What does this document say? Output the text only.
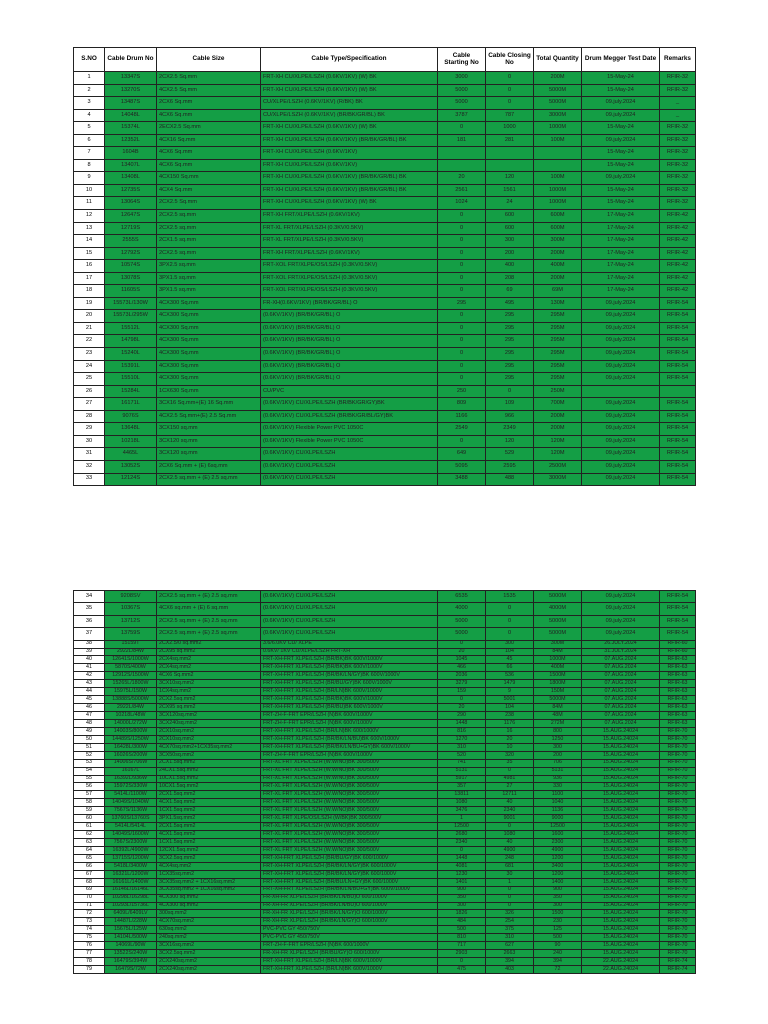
S.NO	Cable Drum No	Cable Size	Cable Type/Specification	Cable Starting No	Cable Closing No	Total Quantity	Drum Megger Test Date	Remarks
1	13347S	2CX2.5 Sq.mm	FRT-XH CU/XLPE/LSZH (0.6KV/1KV) (W) BK	3000	0	200M	15-May-24	RFIR-32
2	13270S	4CX2.5 Sq.mm	FRT-XH CU/XLPE/LSZH (0.6KV/1KV) (W) BK	5000	0	5000M	15-May-24	RFIR-32
3	13487S	2CX6 Sq.mm	CU/XLPE/LSZH (0.6KV/1KV) (R/BK) BK	5000	0	5000M	09.july.2024	_
4	14048L	4CX6 Sq.mm	CU/XLPE/LSZH (0.6KV/1KV) (BR/BK/GR/BL) BK	3787	787	3000M	09.july.2024	_
5	15374L	2ECX2.5 Sq.mm	FRT-XH CU/XLPE/LSZH (0.6KV/1KV) (W) BK	0	1000	1000M	15-May-24	RFIR-32
6	12352L	4CX16 Sq.mm	FRT-XH CU/XLPE/LSZH (0.6KV/1KV) (BR/BK/GR/BL) BK	181	281	100M	09.july.2024	RFIR-32
7	1604B	4CX6 Sq.mm	FRT-XH CU/XLPE/LSZH (0.6KV/1KV)				15-May-24	RFIR-32
8	13407L	4CX6 Sq.mm	FRT-XH CU/XLPE/LSZH (0.6KV/1KV)				15-May-24	RFIR-32
9	13408L	4CX150 Sq.mm	FRT-XH CU/XLPE/LSZH (0.6KV/1KV) (BR/BK/GR/BL) BK	20	120	100M	09.july.2024	RFIR-32
10	12735S	4CX4 Sq.mm	FRT-XH CU/XLPE/LSZH (0.6KV/1KV) (BR/BK/GR/BL) BK	2561	1561	1000M	15-May-24	RFIR-32
11	13064S	2CX2.5 Sq.mm	FRT-XH CU/XLPE/LSZH (0.6KV/1KV) (W) BK	1024	24	1000M	15-May-24	RFIR-32
12	12647S	2CX2.5 sq.mm	FRT-XH FRT/XLPE/LSZH (0.6KV/1KV)	0	600	600M	17-May-24	RFIR-42
13	12719S	2CX2.5 sq.mm	FRT-XL FRT/XLPE/LSZH (0.3KV/0.5KV)	0	600	600M	17-May-24	RFIR-42
14	2555S	2CX1.5 sq.mm	FRT-XL FRT/XLPE/LSZH (0.3KV/0.5KV)	0	300	300M	17-May-24	RFIR-42
15	12792S	2CX2.5 sq.mm	FRT-XH FRT/XLPE/LSZH (0.6KV/1KV)	0	200	200M	17-May-24	RFIR-42
16	10574S	3PX2.5 sq.mm	FRT-XOL FRT/XLPE/OS/LSZH (0.3KV/0.5KV)	0	400	400M	17-May-24	RFIR-42
17	13078S	3PX1.5 sq.mm	FRT-XOL FRT/XLPE/OS/LSZH (0.3KV/0.5KV)	0	208	200M	17-May-24	RFIR-42
18	11605S	3PX1.5 sq.mm	FRT-XOL FRT/XLPE/OS/LSZH (0.3KV/0.5KV)	0	69	69M	17-May-24	RFIR-42
19	15573L/130W	4CX300 Sq.mm	FR-XH(0.6KV/1KV) (BR/BK/GR/BL) O	295	495	130M	09.july.2024	RFIR-54
20	15573L/295W	4CX300 Sq.mm	(0.6KV/1KV) (BR/BK/GR/BL) O	0	295	295M	09.july.2024	RFIR-54
21	15512L	4CX300 Sq.mm	(0.6KV/1KV) (BR/BK/GR/BL) O	0	295	295M	09.july.2024	RFIR-54
22	14798L	4CX300 Sq.mm	(0.6KV/1KV) (BR/BK/GR/BL) O	0	295	295M	09.july.2024	RFIR-54
23	15240L	4CX300 Sq.mm	(0.6KV/1KV) (BR/BK/GR/BL) O	0	295	295M	09.july.2024	RFIR-54
24	15391L	4CX300 Sq.mm	(0.6KV/1KV) (BR/BK/GR/BL) O	0	295	295M	09.july.2024	RFIR-54
25	15510L	4CX300 Sq.mm	(0.6KV/1KV) (BR/BK/GR/BL) O	0	295	295M	09.july.2024	RFIR-54
26	15284L	1CX630 Sq.mm	CU/PVC	250	0	250M		
27	16171L	3CX16 Sq.mm+(E) 16 Sq.mm	(0.6KV/1KV) CU/XLPE/LSZH (BR/BK/GR/GY)BK	809	109	700M	09.july.2024	RFIR-54
28	9076S	4CX2.5 Sq.mm+(E) 2.5 Sq.mm	(0.6KV/1KV) CU/XLPE/LSZH (BR/BK/GR/BL/GY)BK	1166	966	200M	09.july.2024	RFIR-54
29	13648L	3CX150 sq.mm	(0.6KV/1KV) Flexible Power PVC 1050C	2549	2349	200M	09.july.2024	RFIR-54
30	10218L	3CX120 sq.mm	(0.6KV/1KV) Flexible Power PVC 1050C	0	120	120M	09.july.2024	RFIR-54
31	4465L	3CX120 sq.mm	(0.6KV/1KV) CU/XLPE/LSZH	649	529	120M	09.july.2024	RFIR-54
32	13052S	2CX6 Sq.mm + (E) 6sq.mm	(0.6KV/1KV) CU/XLPE/LSZH	5095	2595	2500M	09.july.2024	RFIR-54
33	12124S	2CX2.5 sq.mm + (E) 2.5 sq.mm	(0.6KV/1KV) CU/XLPE/LSZH	3488	488	3000M	09.july.2024	RFIR-54
34	9208SV	2CX2.5 sq.mm + (E) 2.5 sq.mm	(0.6KV/1KV) CU/XLPE/LSZH	6535	1535	5000M	09.july.2024	RFIR-54
35	10367S	4CX6 sq.mm + (E) 6 sq.mm	(0.6KV/1KV) CU/XLPE/LSZH	4000	0	4000M	09.july.2024	RFIR-54
36	13712S	2CX2.5 sq.mm + (E) 2.5 sq.mm	(0.6KV/1KV) CU/XLPE/LSZH	5000	0	5000M	09.july.2024	RFIR-54
37	13759S	2CX2.5 sq.mm + (E) 2.5 sq.mm	(0.6KV/1KV) CU/XLPE/LSZH	5000	0	5000M	09.july.2024	RFIR-54
38	15159T	2CX2.5/0 sq.mm2	3.6/6.0KV CU/ XLPE	0	300	300M	26.JULY.2024	RFIR-60
39	2922L/84W	2CX95 sq.mm2	0.6KV/ 1KV CU/XLPE/LSZH FRT-XH	20	104	84M	31.JULY.2024	RFIR-60
40	12641S/1000W	2CX4sq.mm2	FRT-XH-FRT XLPE/LSZH (BR/BK)BK 600V/1000V	1045	45	1000M	07.AUG.2024	RFIR-63
41	5870S/400W	2CX4sq.mm2	FRT-XH-FRT XLPE/LSZH (BR/BK)BK 600V/1000V	466	66	400M	07.AUG.2024	RFIR-63
42	12912S/1500W	4CX6 Sq.mm2	FRT-XH-FRT XLPE/LSZH (BR/BK/LN/GY)BK 600V/1000V	2036	536	1500M	07.AUG.2024	RFIR-63
43	15265L/1800W	3CX10sq.mm2	FRT-XH-FRT XLPE/LSZH (BR/BU/GY)BK 600V/1000V	3279	1479	1800M	07.AUG.2024	RFIR-63
44	15975L/150W	1CX4sq.mm2	FRT-XH-FRT XLPE/LSZH (BR/LN)BK 600V/1000V	159	9	150M	07.AUG.2024	RFIR-63
45	13888S/5000W	2CX2.5sq.mm2	FRT-XH-FRT XLPE/LSZH (BR/BK)BK 600V/1000V	0	5001	5000M	07.AUG.2024	RFIR-63
46	2922L/84W	2CX95 sq.mm2	FRT-XH-FRT XLPE/LSZH (BR/BU)BK 600V/1000V	20	104	84M	07.AUG.2024	RFIR-63
47	10218L/48W	3CX120sq.mm2	FRT-ZH-F-FRT EPR/LSZH (N)BK 600V/1000V	290	238	48M	07.AUG.2024	RFIR-63
48	14000L/272W	3CX240sq.mm2	FRT-ZH-F-FRT EPR/LSZH (N)BK 600V/1000V	1448	1176	272M	07.AUG.2024	RFIR-63
49	14003S/800W	2CX10sq.mm2	FRT-XH-FRT XLPE/LSZH (BR/LN)BK 600/1000V	816	16	800	15.AUG.24024	RFIR-70
50	14489S/1250W	2CX10sq.mm2	FRT-XH-FRT XLPE/LSZH (BR/BK/LN/BU)BK 600V/1000V	1270	20	1250	15.AUG.24024	RFIR-70
51	16428L/300W	4CX70sq.mm2+1CX35sq.mm2	FRT-XH-FRT XLPE/LSZH (BR/BK/LN/BU+GY)BK 600V/1000V	310	10	300	15.AUG.24024	RFIR-70
52	16026S/200W	3CX50sq.mm2	FRT-ZH-F-FRT EPR/LSZH (N)BK 600V/1000V	520	320	200	15.AUG.24024	RFIR-70
53	14006S/706W	2CX1.5sq.mm2	FRT-XL FRT XLPE/LSZH (W.W/NO)BK 300/500V	741	35	706	15.AUG.24024	RFIR-70
54	16167L	24CX1.5sq.mm2	FRT-XL FRT XLPE/LSZH (W.W/NO)BK 300/500V	5131	0	5131	15.AUG.24024	RFIR-70
55	16392L/936W	10CX1.5sq.mm2	FRT-XL FRT XLPE/LSZH (W.W/NO)BK 300/500V	5917	4981	936	15.AUG.24024	RFIR-70
56	15972S/330W	10CX1.5sq.mm2	FRT-XL FRT XLPE/LSZH (W.W/NO)BK 300/500V	357	27	330	15.AUG.24024	RFIR-70
57	5414L/1100W	2CX1.5sq.mm2	FRT-XL FRT XLPE/LSZH (W.W/NO)BK 300/500V	13811	12711	1100	15.AUG.24024	RFIR-70
58	14049S/1040W	4CX1.5sq.mm2	FRT-XL FRT XLPE/LSZH (W.W/NO)BK 300/500V	1080	40	1040	15.AUG.24024	RFIR-70
59	7567S/1136W	1CX1.5sq.mm2	FRT-XL FRT XLPE/LSZH (W.W/NO)BK 300/500V	3476	2340	1136	15.AUG.24024	RFIR-70
60	13760S/13760S	3PX1.5sq.mm2	FRT-XL FRT XLPE/OS/LSZH (W/BK)BK 300/500V	1	9001	9000	15.AUG.24024	RFIR-70
61	5414L/5414L	2CX1.5sq.mm2	FRT-XL FRT XLPE/LSZH (W.W/NO)BK 300/500V	12500	0	12500	15.AUG.24024	RFIR-70
62	14049S/1600W	4CX1.5sq.mm2	FRT-XL FRT XLPE/LSZH (W.W/NO)BK 300/500V	2680	1080	1600	15.AUG.24024	RFIR-70
63	7567S/2300W	1CX1.5sq.mm2	FRT-XL FRT XLPE/LSZH (W.W/NO)BK 300/500V	2340	40	2300	15.AUG.24024	RFIR-70
64	16392L/4900W	12CX1.5sq.mm2	FRT-XL FRT XLPE/LSZH (W.W/NO)BK 300/500V	0	4900	4900	15.AUG.24024	RFIR-70
65	13715S/1200W	3CX2.5sq.mm2	FRT-XH-FRT XLPE/LSZH (BR/BU/GY)BK 600/1000V	1448	248	1200	15.AUG.24024	RFIR-70
66	5418L/3400W	4CX4sq.mm2	FRT-XH-FRT XLPE/LSZH (BR/BK/LN/GY)BK 600/1000V	4081	681	3400	15.AUG.24024	RFIR-70
67	16321L/1200W	1CX35sq.mm2	FRT-XH-FRT XLPE/LSZH (BR/BK/LN/GY)BK 600/1000V	1230	30	1200	15.AUG.24024	RFIR-70
68	16161L/1400W	3CX35sq.mm2 + 1CX16sq.mm2	FRT-XH-FRT XLPE/LSZH (BR/BU/LN+GY)BK 600/1000V	1401	1	1400	15.AUG.24024	RFIR-70
69	16146L/16146L	3CX35sq.mm2 + 1CX16sq.mm2	FRT-XH-FRT XLPE/LSZH (BR/BK/LN/BU+GY)BK 600V/1000V	900	0	900	15.AUG.24024	RFIR-70
70	10298L/16298L	4CX300 sq.mm2	FR-XH-FR XLPE/LSZH (BR/BK/LN/BU)O 600/1000V	350	0	350	15.AUG.24024	RFIR-70
71	10293L/15736L	4CX300 sq.mm2	FR-XH-FR XLPE/LSZH (BR/BK/LN/BU)O 600/1000V	300	0	300	15.AUG.24024	RFIR-70
72	6409L/6409LV	300sq.mm2	FR-XH-FR XLPE/LSZH (BR/BK/LN/GY)O 600/1000V	1826	326	1500	15.AUG.24024	RFIR-70
73	14487L/228W	4CX70sq.mm2	FR-XH-FR XLPE/LSZH (BR/BK/LN/GY)O 600/1000V	484	254	230	15.AUG.24024	RFIR-70
74	15675L/125W	630sq.mm2	PVC-PVC GY 450/750V	500	375	125	15.AUG.24024	RFIR-70
75	14104L/500W	240sq.mm2	PVC-PVC GY 450/750V	810	310	500	15.AUG.24024	RFIR-70
76	14069L/90W	3CX16sq.mm2	FRT-ZH-F-FRT EPR/LSZH (N)BK 600/1000V	717	627	90	15.AUG.24024	RFIR-70
77	13522S/240W	3CX2.5sq.mm2	FR-XH-FR XLPE/LSZH (BR/BU/GY)O 600/1000V	2903	2663	240	15.AUG.24024	RFIR-70
78	16479S/394W	2CX240sq.mm2	FRT-XH-FRT XLPE/LSZH (BR/LN)BK 600V/1000V	0	394	394	22.AUG.24024	RFIR-74
79	16479S/72W	2CX240sq.mm2	FRT-XH-FRT XLPE/LSZH (BR/LN)BK 600V/1000V	475	403	72	22.AUG.24024	RFIR-74
